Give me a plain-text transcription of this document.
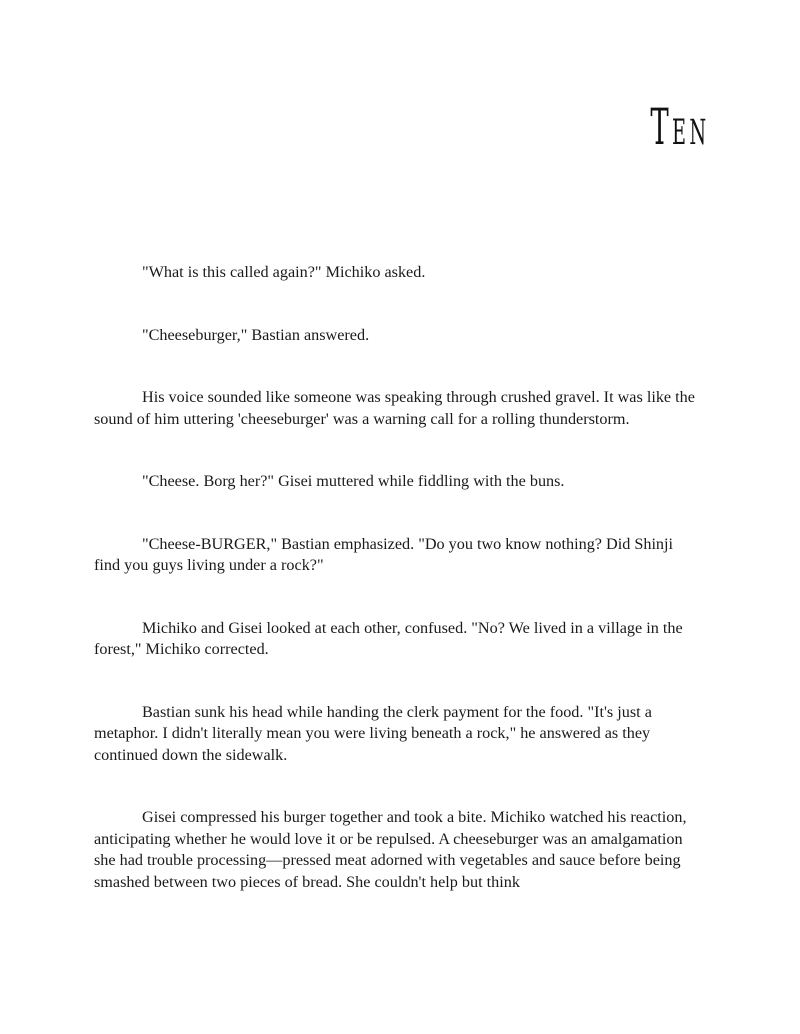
Ten

"What is this called again?" Michiko asked.

"Cheeseburger," Bastian answered.

His voice sounded like someone was speaking through crushed gravel. It was like the sound of him uttering 'cheeseburger' was a warning call for a rolling thunderstorm.

"Cheese. Borg her?" Gisei muttered while fiddling with the buns.

"Cheese-BURGER," Bastian emphasized. "Do you two know nothing? Did Shinji find you guys living under a rock?"

Michiko and Gisei looked at each other, confused. "No? We lived in a village in the forest," Michiko corrected.

Bastian sunk his head while handing the clerk payment for the food. "It's just a metaphor. I didn't literally mean you were living beneath a rock," he answered as they continued down the sidewalk.

Gisei compressed his burger together and took a bite. Michiko watched his reaction, anticipating whether he would love it or be repulsed. A cheeseburger was an amalgamation she had trouble processing—pressed meat adorned with vegetables and sauce before being smashed between two pieces of bread. She couldn't help but think
